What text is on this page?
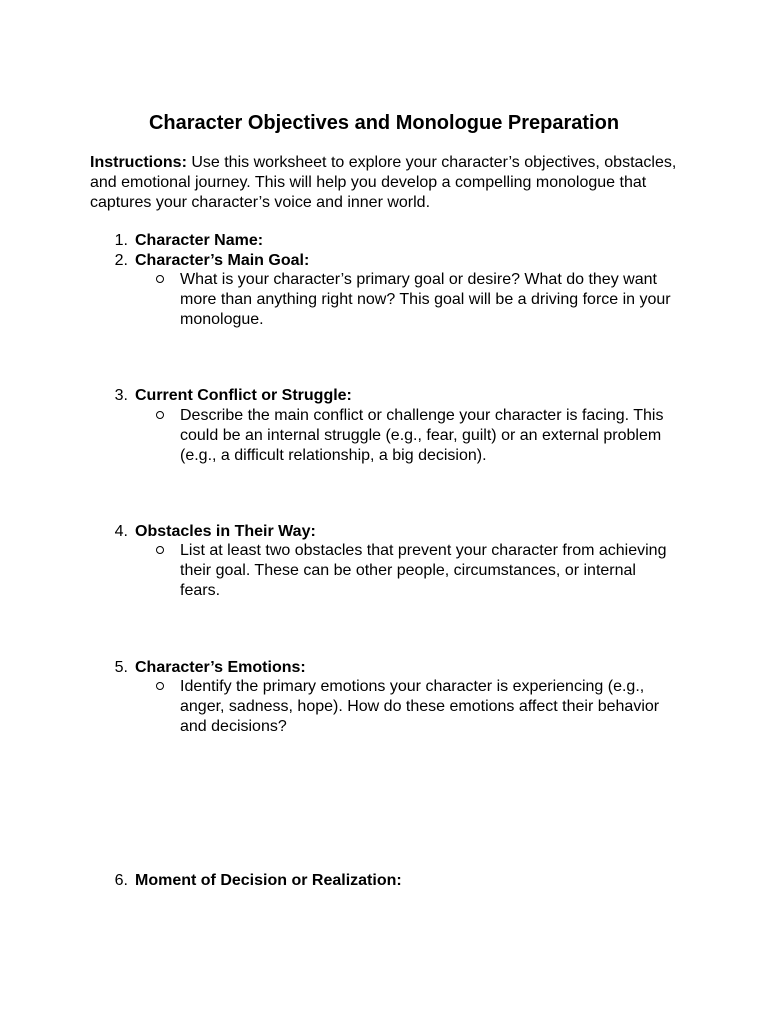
Character Objectives and Monologue Preparation

Instructions: Use this worksheet to explore your character’s objectives, obstacles, and emotional journey. This will help you develop a compelling monologue that captures your character’s voice and inner world.

1. Character Name:
2. Character’s Main Goal:
What is your character’s primary goal or desire? What do they want more than anything right now? This goal will be a driving force in your monologue.
3. Current Conflict or Struggle:
Describe the main conflict or challenge your character is facing. This could be an internal struggle (e.g., fear, guilt) or an external problem (e.g., a difficult relationship, a big decision).
4. Obstacles in Their Way:
List at least two obstacles that prevent your character from achieving their goal. These can be other people, circumstances, or internal fears.
5. Character’s Emotions:
Identify the primary emotions your character is experiencing (e.g., anger, sadness, hope). How do these emotions affect their behavior and decisions?
6. Moment of Decision or Realization:
